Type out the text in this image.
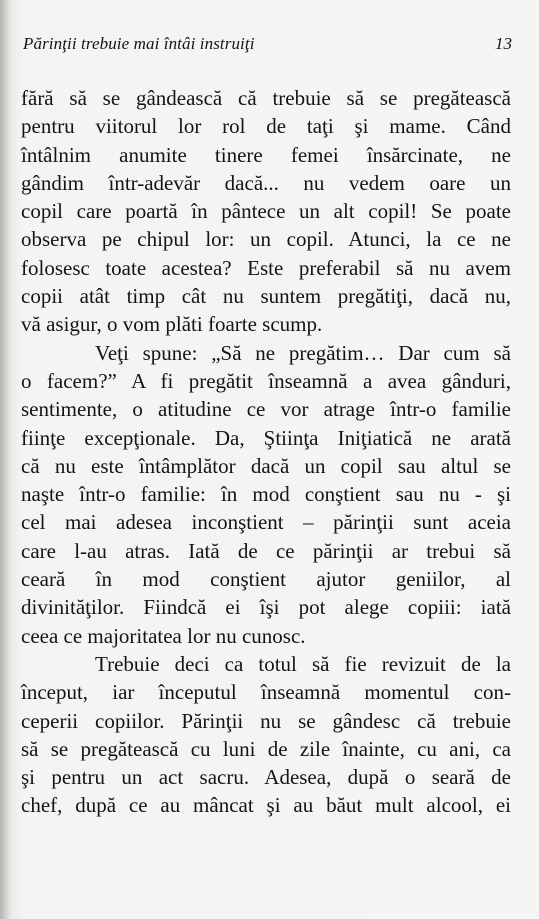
Părinţii trebuie mai întâi instruiţi	13
fără să se gândească că trebuie să se pregătească
pentru viitorul lor rol de taţi şi mame. Când
întâlnim anumite tinere femei însărcinate, ne
gândim într-adevăr dacă... nu vedem oare un
copil care poartă în pântece un alt copil! Se poate
observa pe chipul lor: un copil. Atunci, la ce ne
folosesc toate acestea? Este preferabil să nu avem
copii atât timp cât nu suntem pregătiţi, dacă nu,
vă asigur, o vom plăti foarte scump.
Veţi spune: „Să ne pregătim… Dar cum să
o facem?” A fi pregătit înseamnă a avea gânduri,
sentimente, o atitudine ce vor atrage într-o familie
fiinţe excepţionale. Da, Ştiinţa Iniţiatică ne arată
că nu este întâmplător dacă un copil sau altul se
naşte într-o familie: în mod conştient sau nu - şi
cel mai adesea inconştient – părinţii sunt aceia
care l-au atras. Iată de ce părinţii ar trebui să
ceară în mod conştient ajutor geniilor, al
divinităţilor. Fiindcă ei îşi pot alege copiii: iată
ceea ce majoritatea lor nu cunosc.
Trebuie deci ca totul să fie revizuit de la
început, iar începutul înseamnă momentul con-
ceperii copiilor. Părinţii nu se gândesc că trebuie
să se pregătească cu luni de zile înainte, cu ani, ca
şi pentru un act sacru. Adesea, după o seară de
chef, după ce au mâncat şi au băut mult alcool, ei
